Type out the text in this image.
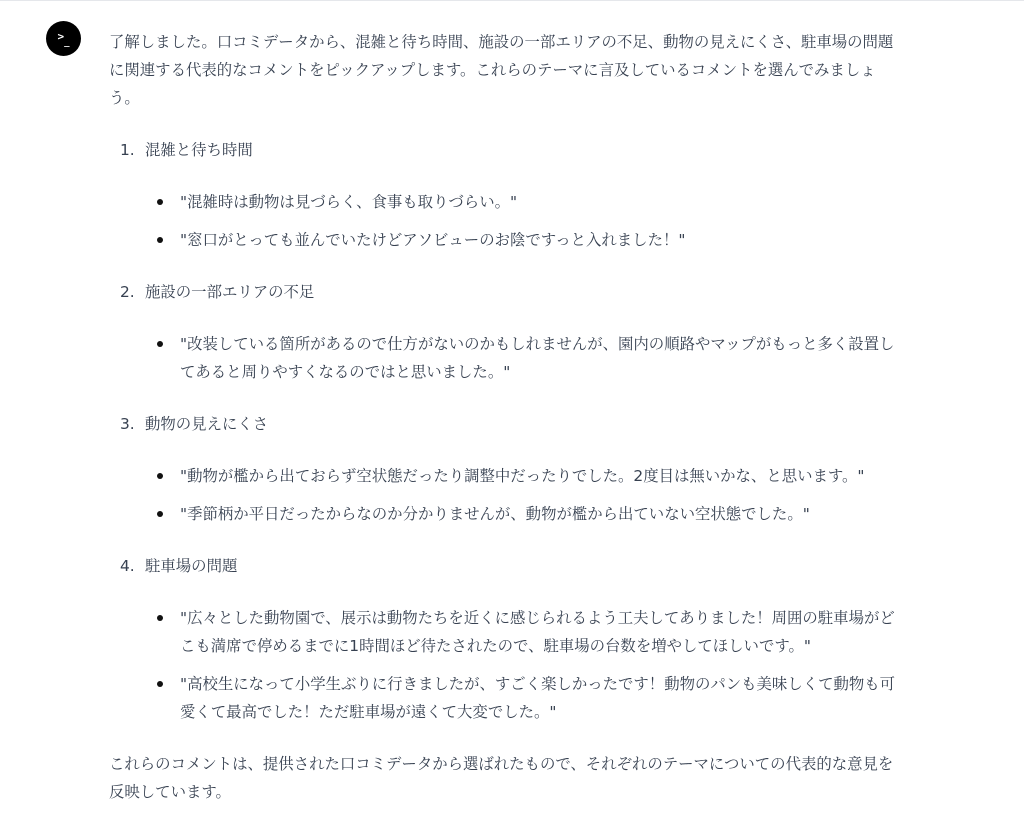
$>_{\_}$	了解しました。口コミデータから、混雑と待ち時間、施設の一部エリアの不足、動物の見えにくさ、駐車場の問題に関連する代表的なコメントをピックアップします。これらのテーマに言及しているコメントを選んでみましょう。

1. 混雑と待ち時間
"混雑時は動物は見づらく、食事も取りづらい。"
"窓口がとっても並んでいたけどアソビューのお陰ですっと入れました！"
2. 施設の一部エリアの不足
"改装している箇所があるので仕方がないのかもしれませんが、園内の順路やマップがもっと多く設置してあると周りやすくなるのではと思いました。"
3. 動物の見えにくさ
"動物が檻から出ておらず空状態だったり調整中だったりでした。2度目は無いかな、と思います。"
"季節柄か平日だったからなのか分かりませんが、動物が檻から出ていない空状態でした。"
4. 駐車場の問題
"広々とした動物園で、展示は動物たちを近くに感じられるよう工夫してありました！周囲の駐車場がどこも満席で停めるまでに1時間ほど待たされたので、駐車場の台数を増やしてほしいです。"
"高校生になって小学生ぶりに行きましたが、すごく楽しかったです！動物のパンも美味しくて動物も可愛くて最高でした！ただ駐車場が遠くて大変でした。"

これらのコメントは、提供された口コミデータから選ばれたもので、それぞれのテーマについての代表的な意見を反映しています。
